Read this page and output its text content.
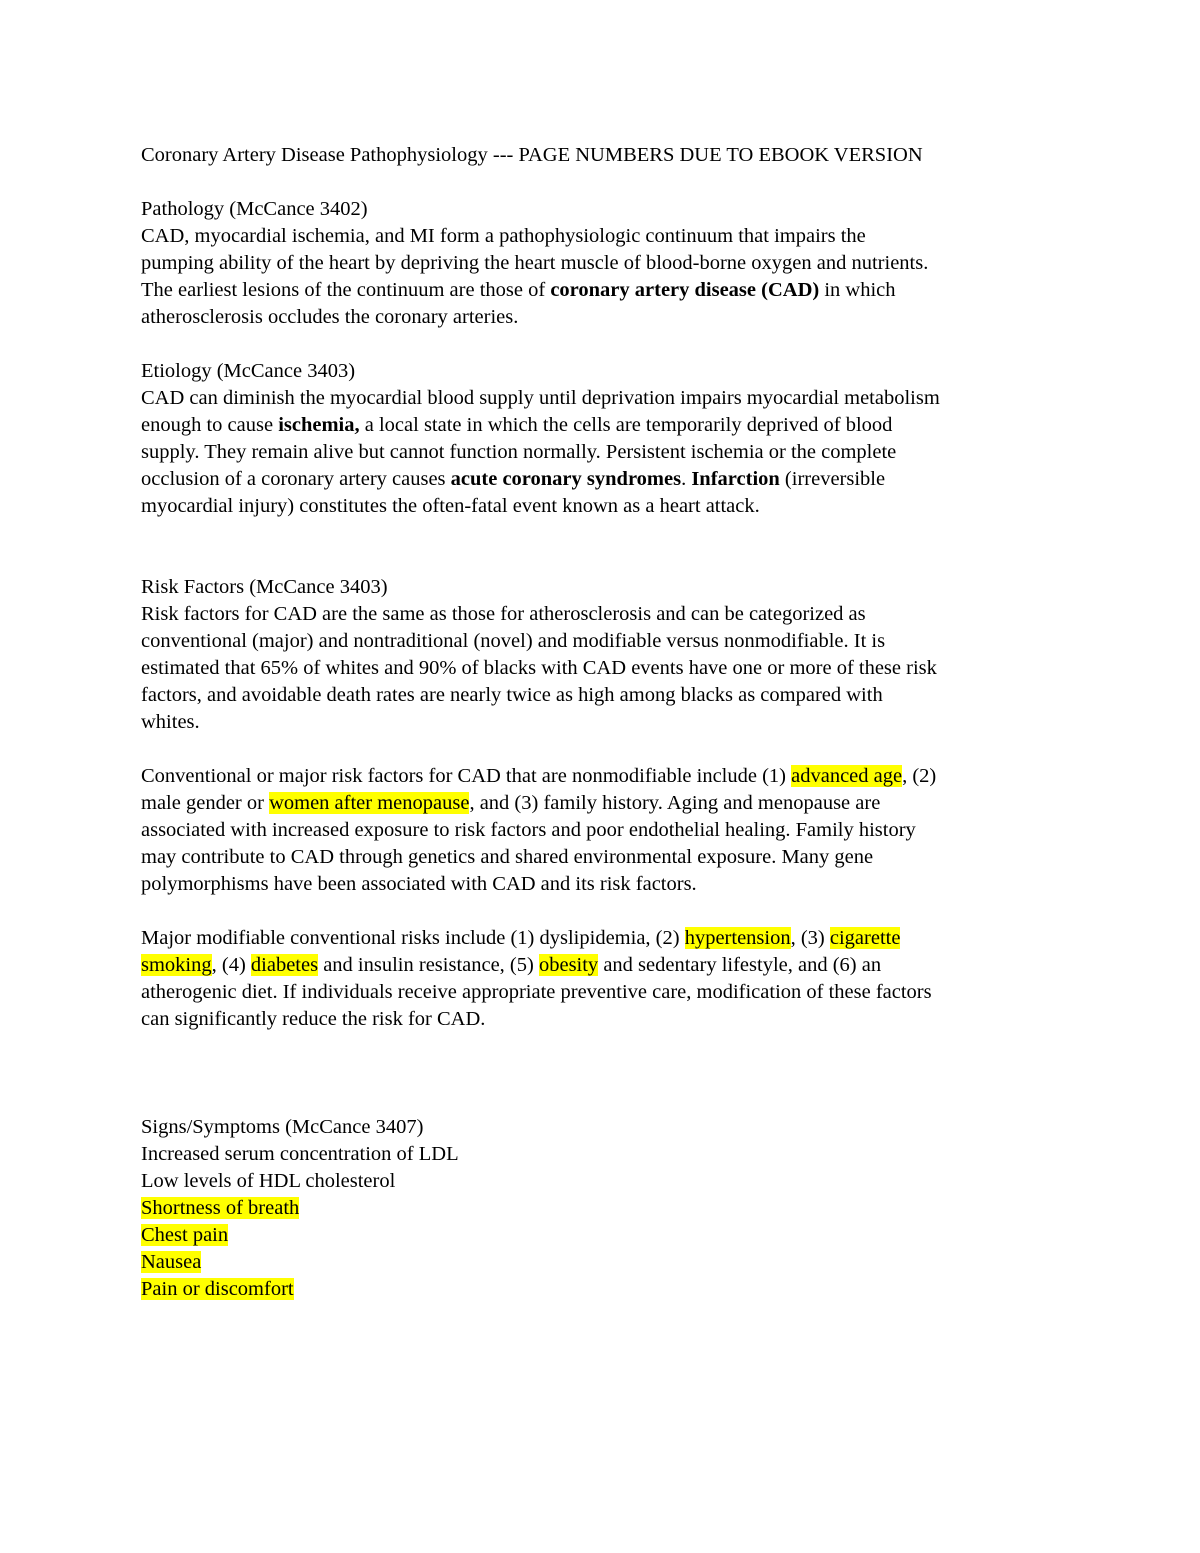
Coronary Artery Disease Pathophysiology --- PAGE NUMBERS DUE TO EBOOK VERSION
Pathology (McCance 3402)
CAD, myocardial ischemia, and MI form a pathophysiologic continuum that impairs the
pumping ability of the heart by depriving the heart muscle of blood-borne oxygen and nutrients.
The earliest lesions of the continuum are those of coronary artery disease (CAD) in which
atherosclerosis occludes the coronary arteries.
Etiology (McCance 3403)
CAD can diminish the myocardial blood supply until deprivation impairs myocardial metabolism
enough to cause ischemia, a local state in which the cells are temporarily deprived of blood
supply. They remain alive but cannot function normally. Persistent ischemia or the complete
occlusion of a coronary artery causes acute coronary syndromes. Infarction (irreversible
myocardial injury) constitutes the often-fatal event known as a heart attack.
Risk Factors (McCance 3403)
Risk factors for CAD are the same as those for atherosclerosis and can be categorized as
conventional (major) and nontraditional (novel) and modifiable versus nonmodifiable. It is
estimated that 65% of whites and 90% of blacks with CAD events have one or more of these risk
factors, and avoidable death rates are nearly twice as high among blacks as compared with
whites.
Conventional or major risk factors for CAD that are nonmodifiable include (1) advanced age, (2)
male gender or women after menopause, and (3) family history. Aging and menopause are
associated with increased exposure to risk factors and poor endothelial healing. Family history
may contribute to CAD through genetics and shared environmental exposure. Many gene
polymorphisms have been associated with CAD and its risk factors.
Major modifiable conventional risks include (1) dyslipidemia, (2) hypertension, (3) cigarette
smoking, (4) diabetes and insulin resistance, (5) obesity and sedentary lifestyle, and (6) an
atherogenic diet. If individuals receive appropriate preventive care, modification of these factors
can significantly reduce the risk for CAD.
Signs/Symptoms (McCance 3407)
Increased serum concentration of LDL
Low levels of HDL cholesterol
Shortness of breath
Chest pain
Nausea
Pain or discomfort
